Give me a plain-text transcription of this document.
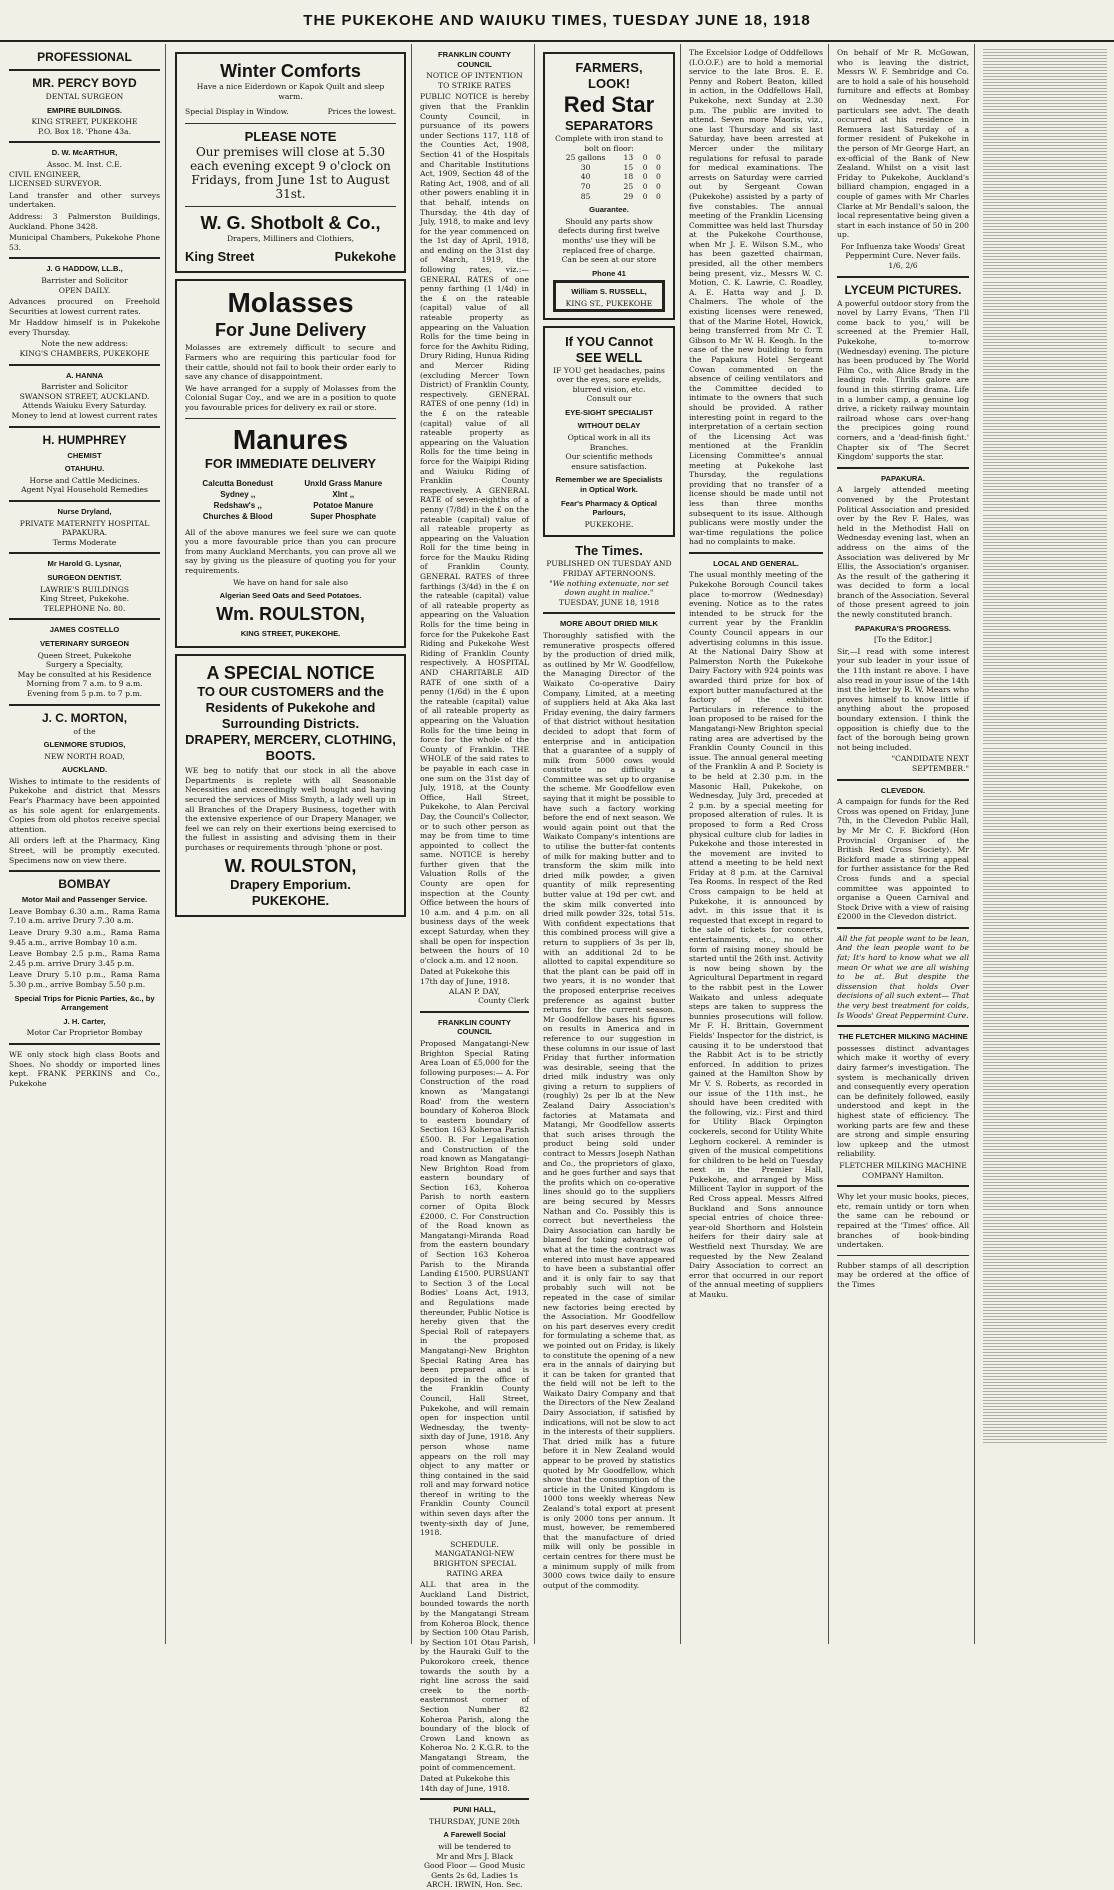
THE PUKEKOHE AND WAIUKU TIMES, TUESDAY JUNE 18, 1918
PROFESSIONAL
MR. PERCY BOYD
DENTAL SURGEON
EMPIRE BUILDINGS.
KING STREET, PUKEKOHE
P.O. Box 18. 'Phone 43a.
D. W. McARTHUR,
Assoc. M. Inst. C.E.
CIVIL ENGINEER,
LICENSED SURVEYOR.
Land transfer and other surveys undertaken.
Address: 3 Palmerston Buildings, Auckland. Phone 3428.
Municipal Chambers, Pukekohe Phone 53.
J. G HADDOW, LL.B.,
Barrister and Solicitor
OPEN DAILY.
Advances procured on Freehold Securities at lowest current rates.
Mr Haddow himself is in Pukekohe every Thursday.
Note the new address:
KING'S CHAMBERS, PUKEKOHE
A. HANNA
Barrister and Solicitor
SWANSON STREET, AUCKLAND.
Attends Waiuku Every Saturday.
Money to lend at lowest current rates
H. HUMPHREY
CHEMIST
OTAHUHU.
Horse and Cattle Medicines.
Agent Nyal Household Remedies
Nurse Dryland,
PRIVATE MATERNITY HOSPITAL
PAPAKURA.
Terms Moderate
Mr Harold G. Lysnar,
SURGEON DENTIST.
LAWRIE'S BUILDINGS
King Street, Pukekohe.
TELEPHONE No. 80.
JAMES COSTELLO
VETERINARY SURGEON
Queen Street, Pukekohe
Surgery a Specialty,
May be consulted at his Residence
Morning from 7 a.m. to 9 a.m.
Evening from 5 p.m. to 7 p.m.
J. C. MORTON,
of the
GLENMORE STUDIOS,
NEW NORTH ROAD,
AUCKLAND.
Wishes to intimate to the residents of Pukekohe and district that Messrs Fear's Pharmacy have been appointed as his sole agent for enlargements. Copies from old photos receive special attention.
All orders left at the Pharmacy, King Street, will be promptly executed. Specimens now on view there.
BOMBAY
Motor Mail and Passenger Service.
Leave Bombay 6.30 a.m., Rama Rama 7.10 a.m. arrive Drury 7.30 a.m.
Leave Drury 9.30 a.m., Rama Rama 9.45 a.m., arrive Bombay 10 a.m.
Leave Bombay 2.5 p.m., Rama Rama 2.45 p.m. arrive Drury 3.45 p.m.
Leave Drury 5.10 p.m., Rama Rama 5.30 p.m., arrive Bombay 5.50 p.m.
Special Trips for Picnic Parties, &c., by Arrangement
J. H. Carter,
Motor Car Proprietor Bombay
WE only stock high class Boots and Shoes. No shoddy or imported lines kept. FRANK PERKINS and Co., Pukekohe
Winter Comforts
Have a nice Eiderdown or Kapok Quilt and sleep warm.
Special Display in Window.	Prices the lowest.
PLEASE NOTE
Our premises will close at 5.30 each evening except 9 o'clock on Fridays, from June 1st to August 31st.
W. G. Shotbolt & Co.,
Drapers, Milliners and Clothiers,
King Street	Pukekohe
Molasses
For June Delivery
Molasses are extremely difficult to secure and Farmers who are requiring this particular food for their cattle, should not fail to book their order early to save any chance of disappointment.
We have arranged for a supply of Molasses from the Colonial Sugar Coy., and we are in a position to quote you favourable prices for delivery ex rail or store.
Manures
FOR IMMEDIATE DELIVERY
Calcutta Bonedust	Unxld Grass Manure
Sydney ,,	Xlnt ,,
Redshaw's ,,	Potatoe Manure
Churches & Blood	Super Phosphate
All of the above manures we feel sure we can quote you a more favourable price than you can procure from many Auckland Merchants, you can prove all we say by giving us the pleasure of quoting you for your requirements.
We have on hand for sale also
Algerian Seed Oats and Seed Potatoes.
Wm. ROULSTON,
KING STREET, PUKEKOHE.
A SPECIAL NOTICE
TO OUR CUSTOMERS and the Residents of Pukekohe and Surrounding Districts.
DRAPERY, MERCERY, CLOTHING, BOOTS.
WE beg to notify that our stock in all the above Departments is replete with all Seasonable Necessities and exceedingly well bought and having secured the services of Miss Smyth, a lady well up in all Branches of the Drapery Business, together with the extensive experience of our Drapery Manager, we feel we can rely on their exertions being exercised to the fullest in assisting and advising them in their purchases or requirements through 'phone or post.
W. ROULSTON,
Drapery Emporium.
PUKEKOHE.
FRANKLIN COUNTY COUNCIL
NOTICE OF INTENTION TO STRIKE RATES
PUBLIC NOTICE is hereby given that the Franklin County Council, in pursuance of its powers under Sections 117, 118 of the Counties Act, 1908, Section 41 of the Hospitals and Charitable Institutions Act, 1909, Section 48 of the Rating Act, 1908, and of all other powers enabling it in that behalf, intends on Thursday, the 4th day of July, 1918, to make and levy for the year commenced on the 1st day of April, 1918, and ending on the 31st day of March, 1919, the following rates, viz.:— GENERAL RATES of one penny farthing (1 1/4d) in the £ on the rateable (capital) value of all rateable property as appearing on the Valuation Rolls for the time being in force for the Awhitu Riding, Drury Riding, Hunua Riding and Mercer Riding (excluding Mercer Town District) of Franklin County, respectively. GENERAL RATES of one penny (1d) in the £ on the rateable (capital) value of all rateable property as appearing on the Valuation Rolls for the time being in force for the Waipipi Riding and Waiuku Riding of Franklin County respectively. A GENERAL RATE of seven-eighths of a penny (7/8d) in the £ on the rateable (capital) value of all rateable property as appearing on the Valuation Roll for the time being in force for the Mauku Riding of Franklin County. GENERAL RATES of three farthings (3/4d) in the £ on the rateable (capital) value of all rateable property as appearing on the Valuation Rolls for the time being in force for the Pukekohe East Riding and Pukekohe West Riding of Franklin County respectively. A HOSPITAL AND CHARITABLE AID RATE of one sixth of a penny (1/6d) in the £ upon the rateable (capital) value of all rateable property as appearing on the Valuation Rolls for the time being in force for the whole of the County of Franklin. THE WHOLE of the said rates to be payable in each case in one sum on the 31st day of July, 1918, at the County Office, Hall Street, Pukekohe, to Alan Percival Day, the Council's Collector, or to such other person as may be from time to time appointed to collect the same. NOTICE is hereby further given that the Valuation Rolls of the County are open for inspection at the County Office between the hours of 10 a.m. and 4 p.m. on all business days of the week except Saturday, when they shall be open for inspection between the hours of 10 o'clock a.m. and 12 noon.
Dated at Pukekohe this 17th day of June, 1918.
ALAN P. DAY,
County Clerk
FRANKLIN COUNTY COUNCIL
Proposed Mangatangi-New Brighton Special Rating Area Loan of £5,000 for the following purposes:— A. For Construction of the road known as 'Mangatangi Road' from the western boundary of Koheroa Block to eastern boundary of Section 163 Koheroa Parish £500. B. For Legalisation and Construction of the road known as Mangatangi-New Brighton Road from eastern boundary of Section 163, Koheroa Parish to north eastern corner of Opita Block £2000. C. For Construction of the Road known as Mangatangi-Miranda Road from the eastern boundary of Section 163 Koheroa Parish to the Miranda Landing £1500. PURSUANT to Section 3 of the Local Bodies' Loans Act, 1913, and Regulations made thereunder, Public Notice is hereby given that the Special Roll of ratepayers in the proposed Mangatangi-New Brighton Special Rating Area has been prepared and is deposited in the office of the Franklin County Council, Hall Street, Pukekohe, and will remain open for inspection until Wednesday, the twenty-sixth day of June, 1918. Any person whose name appears on the roll may object to any matter or thing contained in the said roll and may forward notice thereof in writing to the Franklin County Council within seven days after the twenty-sixth day of June, 1918.
SCHEDULE.
MANGATANGI-NEW BRIGHTON SPECIAL RATING AREA
ALL that area in the Auckland Land District, bounded towards the north by the Mangatangi Stream from Koheroa Block, thence by Section 100 Otau Parish, by Section 101 Otau Parish, by the Hauraki Gulf to the Pukorokoro creek, thence towards the south by a right line across the said creek to the north-easternmost corner of Section Number 82 Koheroa Parish, along the boundary of the block of Crown Land known as Koheroa No. 2 K.G.R. to the Mangatangi Stream, the point of commencement.
Dated at Pukekohe this 14th day of June, 1918.
PUNI HALL,
THURSDAY, JUNE 20th
A Farewell Social
will be tendered to
Mr and Mrs J. Black
Good Floor — Good Music
Gents 2s 6d, Ladies 1s
ARCH. IRWIN, Hon. Sec.
FARMERS, LOOK!
Red Star
SEPARATORS
Complete with iron stand to bolt on floor:
25 gallons	13	0	0
30	15	0	0
40	18	0	0
70	25	0	0
85	29	0	0
Guarantee.
Should any parts show defects during first twelve months' use they will be replaced free of charge.
Can be seen at our store
Phone 41
William S. RUSSELL,
KING ST., PUKEKOHE
If YOU Cannot SEE WELL
IF YOU get headaches, pains over the eyes, sore eyelids, blurred vision, etc.
Consult our
EYE-SIGHT SPECIALIST
WITHOUT DELAY
Optical work in all its Branches.
Our scientific methods ensure satisfaction.
Remember we are Specialists in Optical Work.
Fear's Pharmacy & Optical Parlours,
PUKEKOHE.
The Times.
PUBLISHED ON TUESDAY AND FRIDAY AFTERNOONS.
"We nothing extenuate, nor set down aught in malice."
TUESDAY, JUNE 18, 1918
MORE ABOUT DRIED MILK
Thoroughly satisfied with the remunerative prospects offered by the production of dried milk, as outlined by Mr W. Goodfellow, the Managing Director of the Waikato Co-operative Dairy Company, Limited, at a meeting of suppliers held at Aka Aka last Friday evening, the dairy farmers of that district without hesitation decided to adopt that form of enterprise and in anticipation that a guarantee of a supply of milk from 5000 cows would constitute no difficulty a Committee was set up to organise the scheme. Mr Goodfellow even saying that it might be possible to have such a factory working before the end of next season. We would again point out that the Waikato Company's intentions are to utilise the butter-fat contents of milk for making butter and to transform the skim milk into dried milk powder, a given quantity of milk representing butter value at 19d per cwt. and the skim milk converted into dried milk powder 32s, total 51s. With confident expectations that this combined process will give a return to suppliers of 3s per lb, with an additional 2d to be allotted to capital expenditure so that the plant can be paid off in two years, it is no wonder that the proposed enterprise receives preference as against butter returns for the current season. Mr Goodfellow bases his figures on results in America and in reference to our suggestion in these columns in our issue of last Friday that further information was desirable, seeing that the dried milk industry was only giving a return to suppliers of (roughly) 2s per lb at the New Zealand Dairy Association's factories at Matamata and Matangi, Mr Goodfellow asserts that such arises through the product being sold under contract to Messrs Joseph Nathan and Co., the proprietors of glaxo, and he goes further and says that the profits which on co-operative lines should go to the suppliers are being secured by Messrs Nathan and Co. Possibly this is correct but nevertheless the Dairy Association can hardly be blamed for taking advantage of what at the time the contract was entered into must have appeared to have been a substantial offer and it is only fair to say that probably such will not be repeated in the case of similar new factories being erected by the Association. Mr Goodfellow on his part deserves every credit for formulating a scheme that, as we pointed out on Friday, is likely to constitute the opening of a new era in the annals of dairying but it can be taken for granted that the field will not be left to the Waikato Dairy Company and that the Directors of the New Zealand Dairy Association, if satisfied by indications, will not be slow to act in the interests of their suppliers. That dried milk has a future before it in New Zealand would appear to be proved by statistics quoted by Mr Goodfellow, which show that the consumption of the article in the United Kingdom is 1000 tons weekly whereas New Zealand's total export at present is only 2000 tons per annum. It must, however, be remembered that the manufacture of dried milk will only be possible in certain centres for there must be a minimum supply of milk from 3000 cows twice daily to ensure output of the commodity.
The Excelsior Lodge of Oddfellows (I.O.O.F.) are to hold a memorial service to the late Bros. E. E. Penny and Robert Beaton, killed in action, in the Oddfellows Hall, Pukekohe, next Sunday at 2.30 p.m. The public are invited to attend. Seven more Maoris, viz., one last Thursday and six last Saturday, have been arrested at Mercer under the military regulations for refusal to parade for medical examinations. The arrests on Saturday were carried out by Sergeant Cowan (Pukekohe) assisted by a party of five constables. The annual meeting of the Franklin Licensing Committee was held last Thursday at the Pukekohe Courthouse, when Mr J. E. Wilson S.M., who has been gazetted chairman, presided, all the other members being present, viz., Messrs W. C. Motion, C. K. Lawrie, C. Roadley, A. E. Hatta way and J. D. Chalmers. The whole of the existing licenses were renewed, that of the Marine Hotel, Howick, being transferred from Mr C. T. Gibson to Mr W. H. Keogh. In the case of the new building to form the Papakura Hotel Sergeant Cowan commented on the absence of ceiling ventilators and the Committee decided to intimate to the owners that such should be provided. A rather interesting point in regard to the interpretation of a certain section of the Licensing Act was mentioned at the Franklin Licensing Committee's annual meeting at Pukekohe last Thursday, the regulations providing that no transfer of a license should be made until not less than three months subsequent to its issue. Although publicans were mostly under the war-time regulations the police had no complaints to make.
LOCAL AND GENERAL.
The usual monthly meeting of the Pukekohe Borough Council takes place to-morrow (Wednesday) evening. Notice as to the rates intended to be struck for the current year by the Franklin County Council appears in our advertising columns in this issue. At the National Dairy Show at Palmerston North the Pukekohe Dairy Factory with 924 points was awarded third prize for box of export butter manufactured at the factory of the exhibitor. Particulars in reference to the loan proposed to be raised for the Mangatangi-New Brighton special rating area are advertised by the Franklin County Council in this issue. The annual general meeting of the Franklin A and P. Society is to be held at 2.30 p.m. in the Masonic Hall, Pukekohe, on Wednesday, July 3rd, preceded at 2 p.m. by a special meeting for proposed alteration of rules. It is proposed to form a Red Cross physical culture club for ladies in Pukekohe and those interested in the movement are invited to attend a meeting to be held next Friday at 8 p.m. at the Carnival Tea Rooms. In respect of the Red Cross campaign to be held at Pukekohe, it is announced by advt. in this issue that it is requested that except in regard to the sale of tickets for concerts, entertainments, etc., no other form of raising money should be started until the 26th inst. Activity is now being shown by the Agricultural Department in regard to the rabbit pest in the Lower Waikato and unless adequate steps are taken to suppress the bunnies prosecutions will follow. Mr F. H. Brittain, Government Fields' Inspector for the district, is causing it to be understood that the Rabbit Act is to be strictly enforced. In addition to prizes gained at the Hamilton Show by Mr V. S. Roberts, as recorded in our issue of the 11th inst., he should have been credited with the following, viz.: First and third for Utility Black Orpington cockerels, second for Utility White Leghorn cockerel. A reminder is given of the musical competitions for children to be held on Tuesday next in the Premier Hall, Pukekohe, and arranged by Miss Millicent Taylor in support of the Red Cross appeal. Messrs Alfred Buckland and Sons announce special entries of choice three-year-old Shorthorn and Holstein heifers for their dairy sale at Westfield next Thursday. We are requested by the New Zealand Dairy Association to correct an error that occurred in our report of the annual meeting of suppliers at Mauku.
On behalf of Mr R. McGowan, who is leaving the district, Messrs W. F. Sembridge and Co. are to hold a sale of his household furniture and effects at Bombay on Wednesday next. For particulars see advt. The death occurred at his residence in Remuera last Saturday of a former resident of Pukekohe in the person of Mr George Hart, an ex-official of the Bank of New Zealand. Whilst on a visit last Friday to Pukekohe, Auckland's billiard champion, engaged in a couple of games with Mr Charles Clarke at Mr Bendall's saloon, the local representative being given a start in each instance of 50 in 200 up.
For Influenza take Woods' Great Peppermint Cure. Never fails. 1/6, 2/6
LYCEUM PICTURES.
A powerful outdoor story from the novel by Larry Evans, 'Then I'll come back to you,' will be screened at the Premier Hall, Pukekohe, to-morrow (Wednesday) evening. The picture has been produced by The World Film Co., with Alice Brady in the leading role. Thrills galore are found in this stirring drama. Life in a lumber camp, a genuine log drive, a rickety railway mountain railroad whose cars over-hang the precipices going round corners, and a 'dead-finish fight.' Chapter six of 'The Secret Kingdom' supports the star.
PAPAKURA.
A largely attended meeting convened by the Protestant Political Association and presided over by the Rev F. Hales, was held in the Methodist Hall on Wednesday evening last, when an address on the aims of the Association was delivered by Mr Ellis, the Association's organiser. As the result of the gathering it was decided to form a local branch of the Association. Several of those present agreed to join the newly constituted branch.
PAPAKURA'S PROGRESS.
[To the Editor.]
Sir,—I read with some interest your sub leader in your issue of the 11th instant re above. I have also read in your issue of the 14th inst the letter by R. W. Mears who proves himself to know little if anything about the proposed boundary extension. I think the opposition is chiefly due to the fact of the borough being grown not being included.
"CANDIDATE NEXT SEPTEMBER."
CLEVEDON.
A campaign for funds for the Red Cross was opened on Friday, June 7th, in the Clevedon Public Hall, by Mr Mr C. F. Bickford (Hon Provincial Organiser of the British Red Cross Society). Mr Bickford made a stirring appeal for further assistance for the Red Cross funds and a special committee was appointed to organise a Queen Carnival and Stock Drive with a view of raising £2000 in the Clevedon district.
All the fat people want to be lean, And the lean people want to be fat; It's hard to know what we all mean Or what we are all wishing to be at. But despite the dissension that holds Over decisions of all such extent— That the very best treatment for colds, Is Woods' Great Peppermint Cure.
THE FLETCHER MILKING MACHINE
possesses distinct advantages which make it worthy of every dairy farmer's investigation. The system is mechanically driven and consequently every operation can be definitely followed, easily understood and kept in the highest state of efficiency. The working parts are few and these are strong and simple ensuring low upkeep and the utmost reliability.
FLETCHER MILKING MACHINE COMPANY Hamilton.
Why let your music books, pieces, etc, remain untidy or torn when the same can be rebound or repaired at the 'Times' office. All branches of book-binding undertaken.
Rubber stamps of all description may be ordered at the office of the Times
